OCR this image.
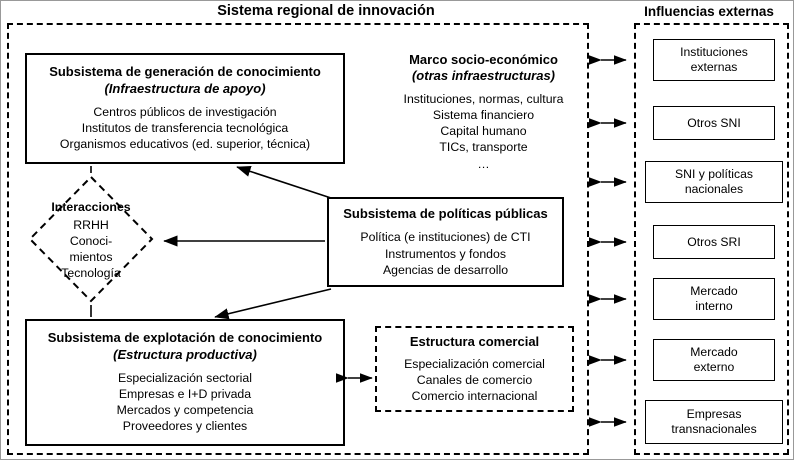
Sistema regional de innovación	Influencias externas
Marco socio-económico
(otras infraestructuras)
Instituciones, normas, cultura
Sistema financiero
Capital humano
TICs, transporte
…
Subsistema de generación de conocimiento
(Infraestructura de apoyo)
Centros públicos de investigación
Institutos de transferencia tecnológica
Organismos educativos (ed. superior, técnica)
Subsistema de políticas públicas
Política (e instituciones) de CTI
Instrumentos y fondos
Agencias de desarrollo
Subsistema de explotación de conocimiento
(Estructura productiva)
Especialización sectorial
Empresas e I+D privada
Mercados y competencia
Proveedores y clientes
Estructura comercial
Especialización comercial
Canales de comercio
Comercio internacional
Interacciones
RRHH
Conoci-
mientos
Tecnología
Instituciones
externas
Otros SNI
SNI y políticas
nacionales
Otros SRI
Mercado
interno
Mercado
externo
Empresas
transnacionales
